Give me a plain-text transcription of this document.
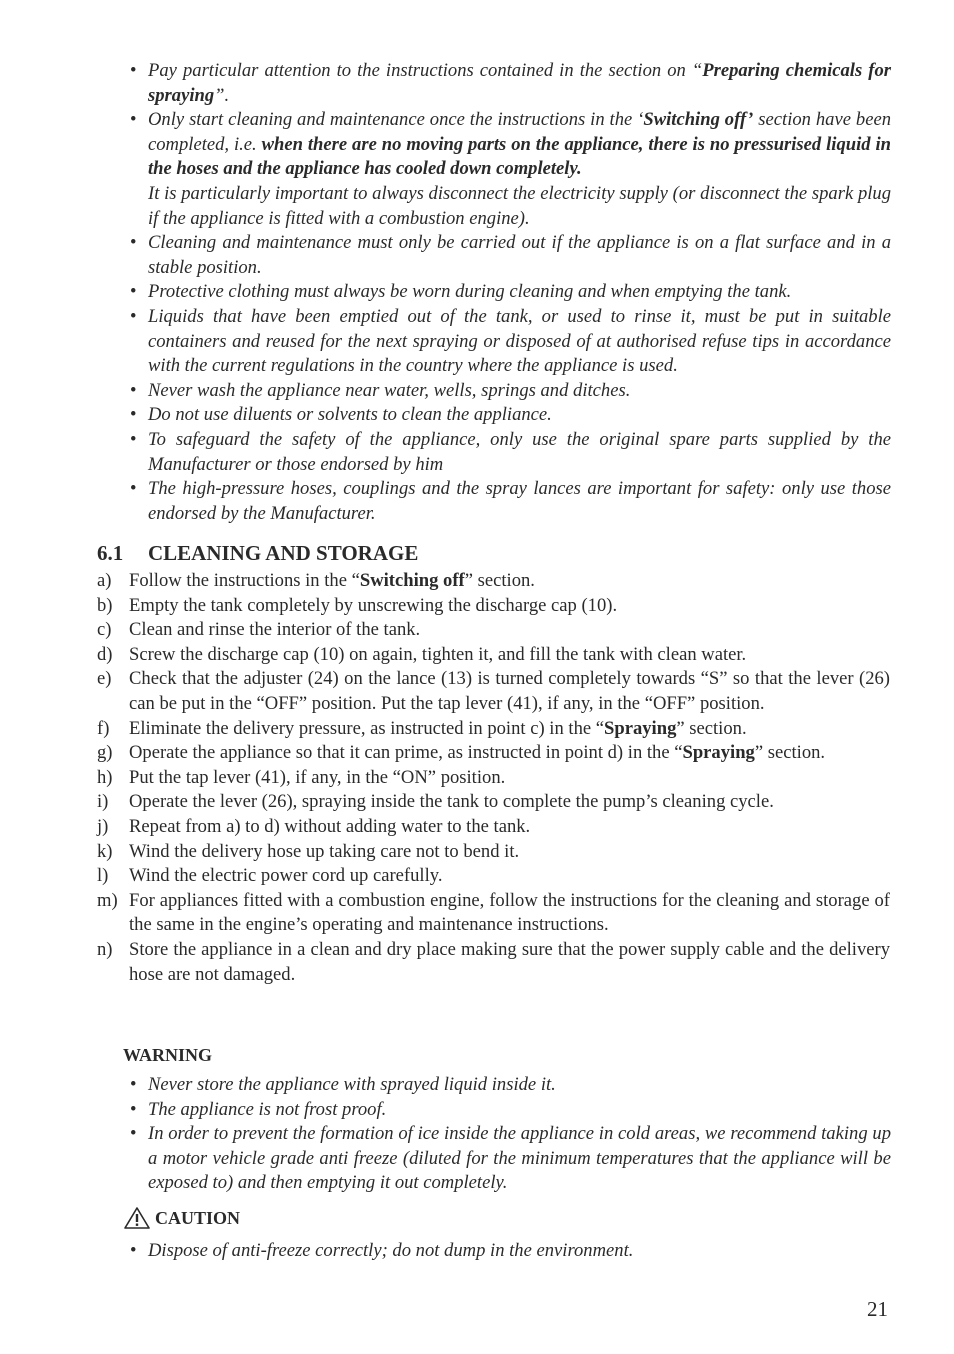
• Pay particular attention to the instructions contained in the section on “Preparing chemicals for spraying”.
• Only start cleaning and maintenance once the instructions in the ‘Switching off’ section have been completed, i.e. when there are no moving parts on the appliance, there is no pressurised liquid in the hoses and the appliance has cooled down completely.
It is particularly important to always disconnect the electricity supply (or disconnect the spark plug if the appliance is fitted with a combustion engine).
• Cleaning and maintenance must only be carried out if the appliance is on a flat surface and in a stable position.
• Protective clothing must always be worn during cleaning and when emptying the tank.
• Liquids that have been emptied out of the tank, or used to rinse it, must be put in suitable containers and reused for the next spraying or disposed of at authorised refuse tips in accordance with the current regulations in the country where the appliance is used.
• Never wash the appliance near water, wells, springs and ditches.
• Do not use diluents or solvents to clean the appliance.
• To safeguard the safety of the appliance, only use the original spare parts supplied by the Manufacturer or those endorsed by him
• The high-pressure hoses, couplings and the spray lances are important for safety: only use those endorsed by the Manufacturer.
6.1 CLEANING AND STORAGE
a) Follow the instructions in the “Switching off” section.
b) Empty the tank completely by unscrewing the discharge cap (10).
c) Clean and rinse the interior of the tank.
d) Screw the discharge cap (10) on again, tighten it, and fill the tank with clean water.
e) Check that the adjuster (24) on the lance (13) is turned completely towards “S” so that the lever (26) can be put in the “OFF” position. Put the tap lever (41), if any, in the “OFF” position.
f) Eliminate the delivery pressure, as instructed in point c) in the “Spraying” section.
g) Operate the appliance so that it can prime, as instructed in point d) in the “Spraying” section.
h) Put the tap lever (41), if any, in the “ON” position.
i) Operate the lever (26), spraying inside the tank to complete the pump’s cleaning cycle.
j) Repeat from a) to d) without adding water to the tank.
k) Wind the delivery hose up taking care not to bend it.
l) Wind the electric power cord up carefully.
m) For appliances fitted with a combustion engine, follow the instructions for the cleaning and storage of the same in the engine’s operating and maintenance instructions.
n) Store the appliance in a clean and dry place making sure that the power supply cable and the delivery hose are not damaged.
WARNING
• Never store the appliance with sprayed liquid inside it.
• The appliance is not frost proof.
• In order to prevent the formation of ice inside the appliance in cold areas, we recommend taking up a motor vehicle grade anti freeze (diluted for the minimum temperatures that the appliance will be exposed to) and then emptying it out completely.
CAUTION
• Dispose of anti-freeze correctly; do not dump in the environment.
21
